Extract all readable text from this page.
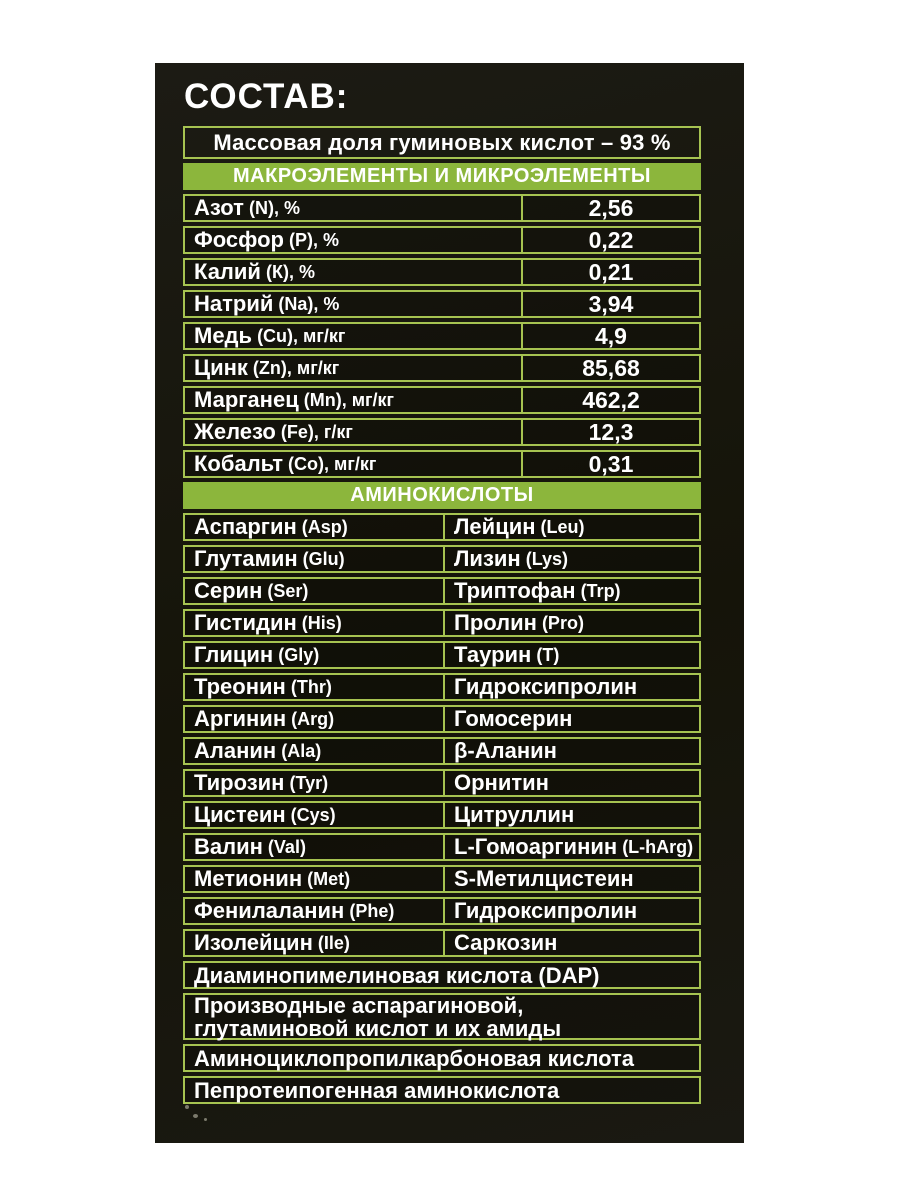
СОСТАВ:
Массовая доля гуминовых кислот – 93 %
МАКРОЭЛЕМЕНТЫ И МИКРОЭЛЕМЕНТЫ
Азот (N), %	2,56
Фосфор (P), %	0,22
Калий (К), %	0,21
Натрий (Na), %	3,94
Медь (Cu), мг/кг	4,9
Цинк (Zn), мг/кг	85,68
Марганец (Mn), мг/кг	462,2
Железо (Fe), г/кг	12,3
Кобальт (Co), мг/кг	0,31
АМИНОКИСЛОТЫ
Аспаргин (Asp)	Лейцин (Leu)
Глутамин (Glu)	Лизин (Lys)
Серин (Ser)	Триптофан (Trp)
Гистидин (His)	Пролин (Pro)
Глицин (Gly)	Таурин (T)
Треонин (Thr)	Гидроксипролин
Аргинин (Arg)	Гомосерин
Аланин (Ala)	β-Аланин
Тирозин (Tyr)	Орнитин
Цистеин (Cys)	Цитруллин
Валин (Val)	L-Гомоаргинин (L-hArg)
Метионин (Met)	S-Метилцистеин
Фенилаланин (Phe)	Гидроксипролин
Изолейцин (Ile)	Саркозин
Диаминопимелиновая кислота (DAP)
Производные аспарагиновой,
глутаминовой кислот и их амиды
Аминоциклопропилкарбоновая кислота
Пепротеипогенная аминокислота
